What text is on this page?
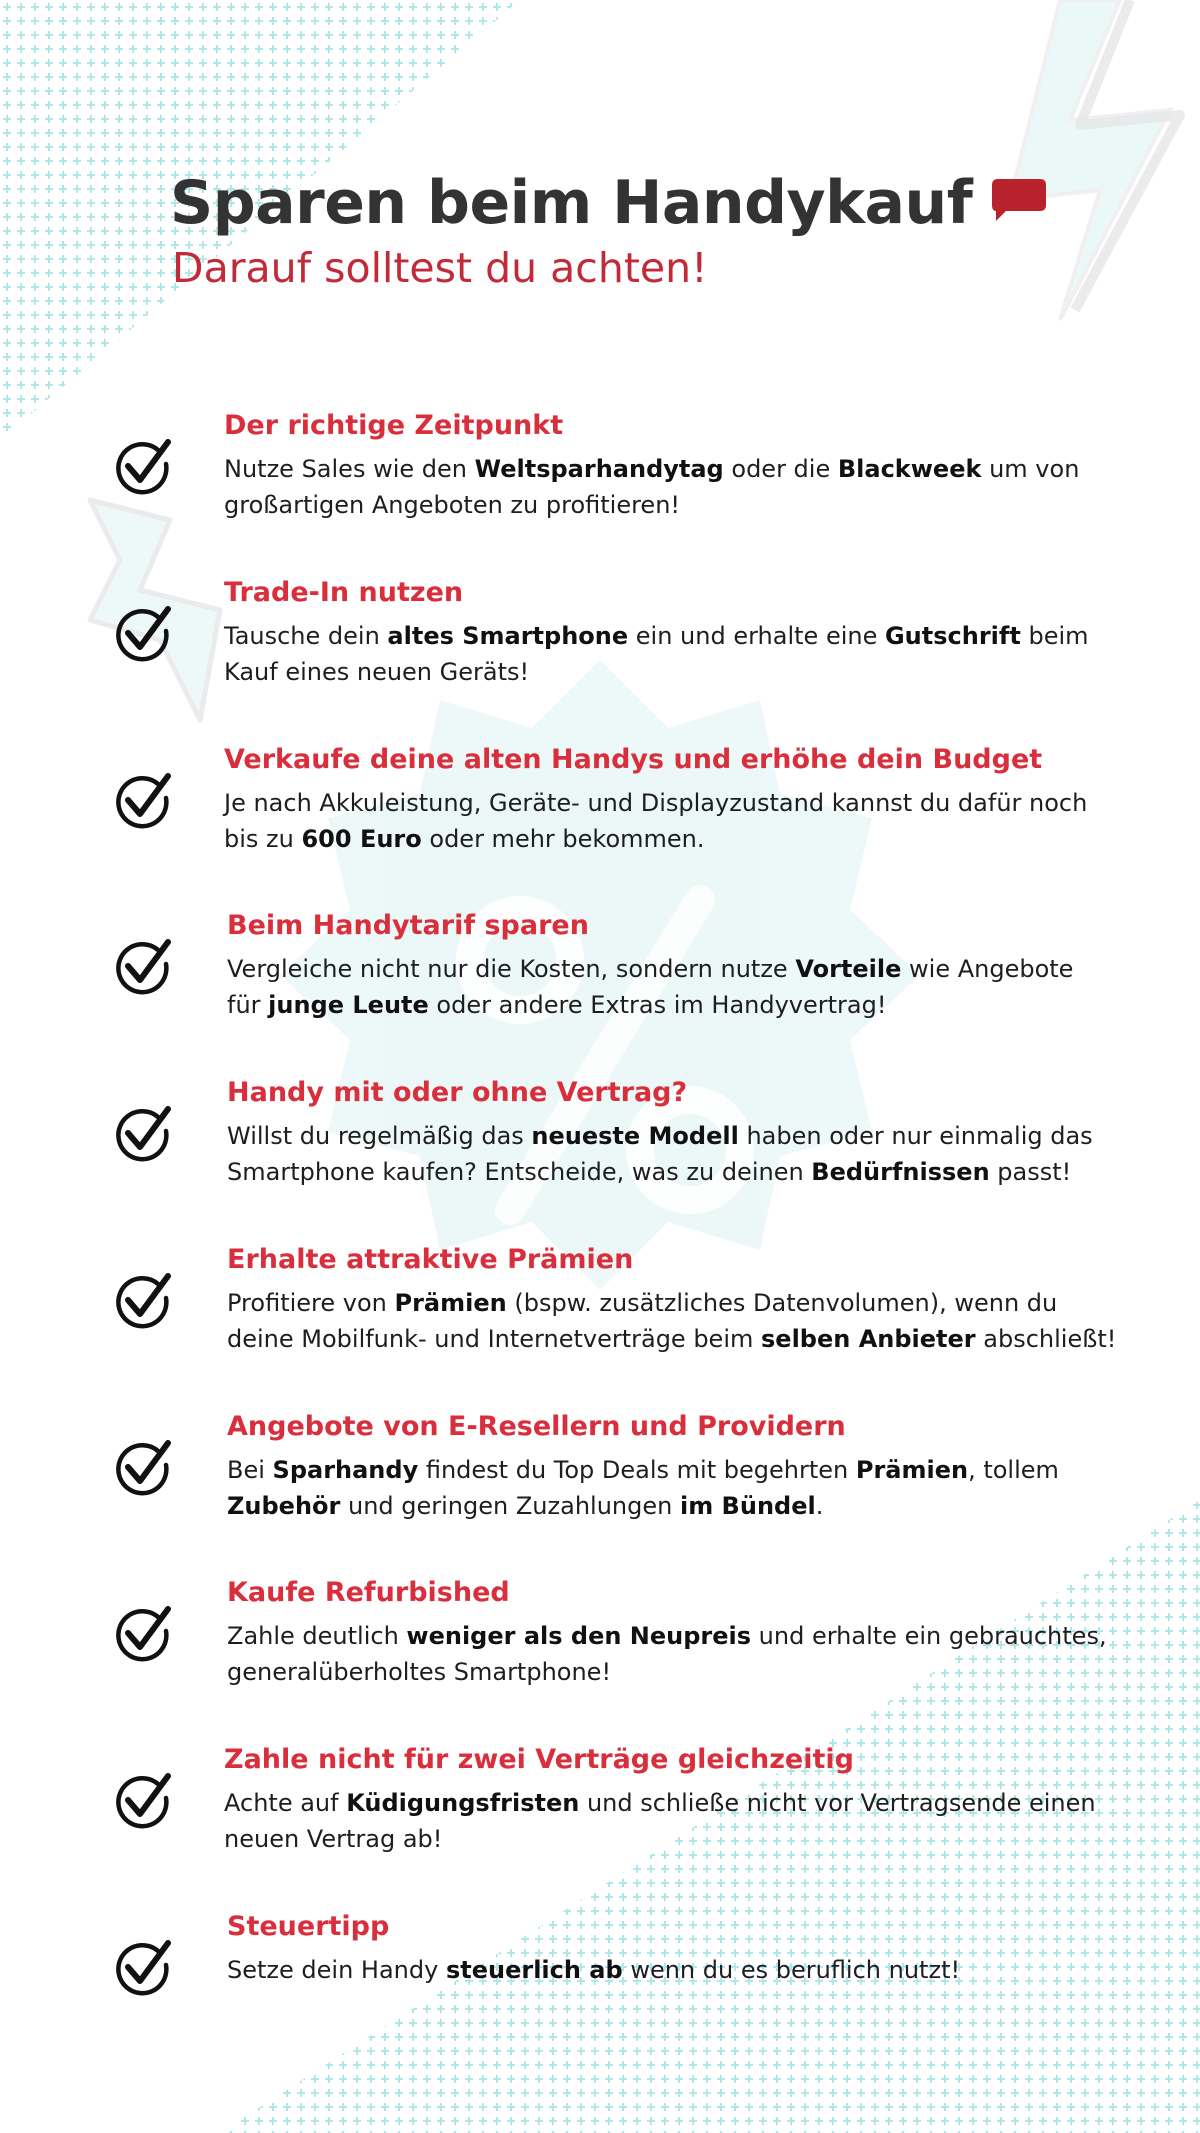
Sparen beim Handykauf
Darauf solltest du achten!
Der richtige Zeitpunkt

Nutze Sales wie den Weltsparhandytag oder die Blackweek um von
großartigen Angeboten zu profitieren!

Trade-In nutzen

Tausche dein altes Smartphone ein und erhalte eine Gutschrift beim
Kauf eines neuen Geräts!

Verkaufe deine alten Handys und erhöhe dein Budget

Je nach Akkuleistung, Geräte- und Displayzustand kannst du dafür noch
bis zu 600 Euro oder mehr bekommen.

Beim Handytarif sparen

Vergleiche nicht nur die Kosten, sondern nutze Vorteile wie Angebote
für junge Leute oder andere Extras im Handyvertrag!

Handy mit oder ohne Vertrag?

Willst du regelmäßig das neueste Modell haben oder nur einmalig das
Smartphone kaufen? Entscheide, was zu deinen Bedürfnissen passt!

Erhalte attraktive Prämien

Profitiere von Prämien (bspw. zusätzliches Datenvolumen), wenn du
deine Mobilfunk- und Internetverträge beim selben Anbieter abschließt!

Angebote von E-Resellern und Providern

Bei Sparhandy findest du Top Deals mit begehrten Prämien, tollem
Zubehör und geringen Zuzahlungen im Bündel.

Kaufe Refurbished

Zahle deutlich weniger als den Neupreis und erhalte ein gebrauchtes,
generalüberholtes Smartphone!

Zahle nicht für zwei Verträge gleichzeitig

Achte auf Küdigungsfristen und schließe nicht vor Vertragsende einen
neuen Vertrag ab!

Steuertipp

Setze dein Handy steuerlich ab wenn du es beruflich nutzt!
